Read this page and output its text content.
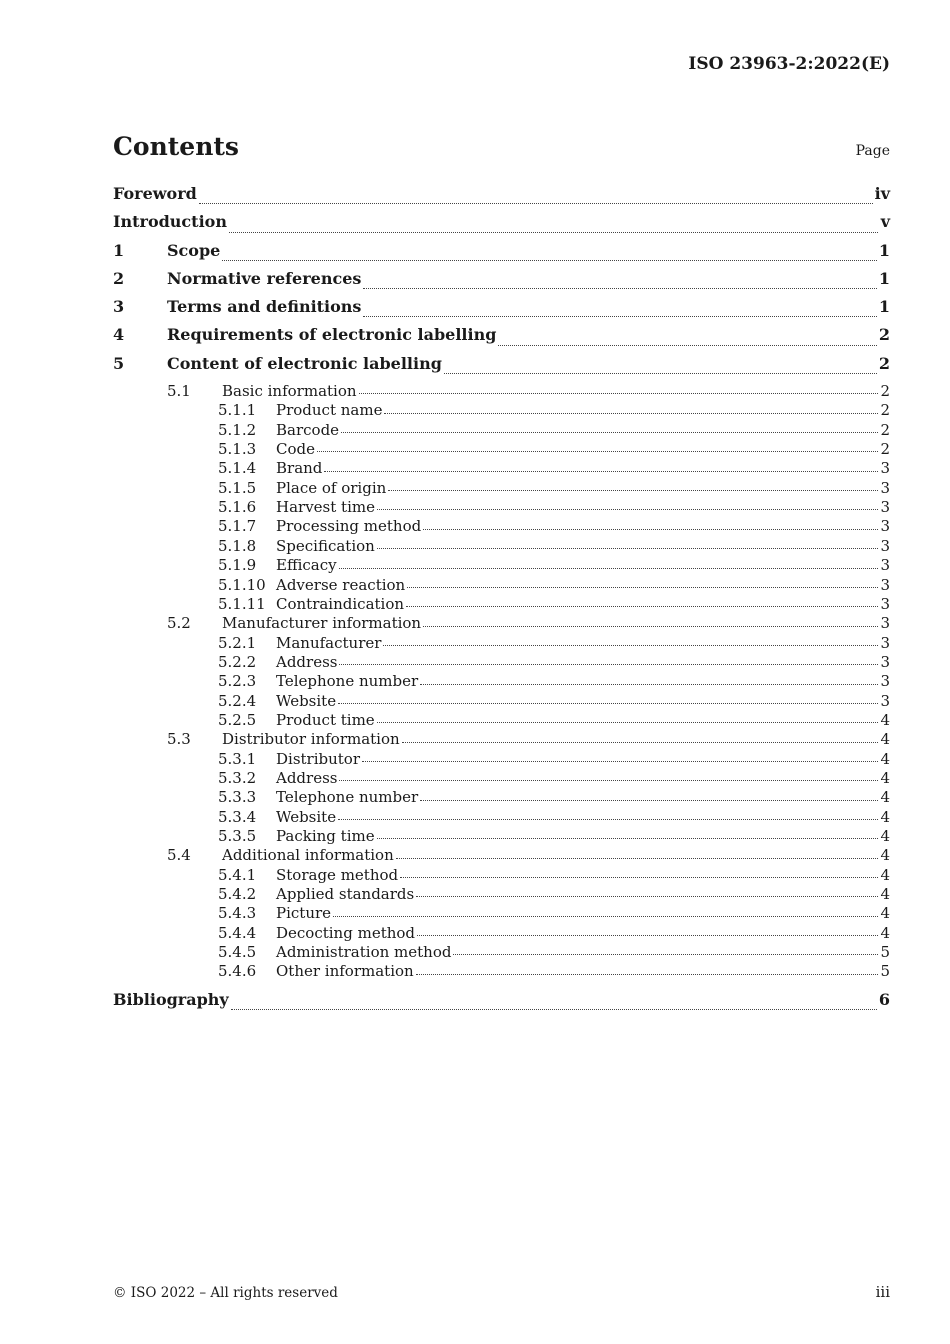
ISO 23963-2:2022(E)
Contents	Page
Foreword	iv
Introduction	v
1	Scope	1
2	Normative references	1
3	Terms and definitions	1
4	Requirements of electronic labelling	2
5	Content of electronic labelling	2
5.1	Basic information	2
5.1.1	Product name	2
5.1.2	Barcode	2
5.1.3	Code	2
5.1.4	Brand	3
5.1.5	Place of origin	3
5.1.6	Harvest time	3
5.1.7	Processing method	3
5.1.8	Specification	3
5.1.9	Efficacy	3
5.1.10 Adverse reaction	3
5.1.11 Contraindication	3
5.2	Manufacturer information	3
5.2.1	Manufacturer	3
5.2.2	Address	3
5.2.3	Telephone number	3
5.2.4	Website	3
5.2.5	Product time	4
5.3	Distributor information	4
5.3.1	Distributor	4
5.3.2	Address	4
5.3.3	Telephone number	4
5.3.4	Website	4
5.3.5	Packing time	4
5.4	Additional information	4
5.4.1	Storage method	4
5.4.2	Applied standards	4
5.4.3	Picture	4
5.4.4	Decocting method	4
5.4.5	Administration method	5
5.4.6	Other information	5
Bibliography	6
© ISO 2022 – All rights reserved	iii
